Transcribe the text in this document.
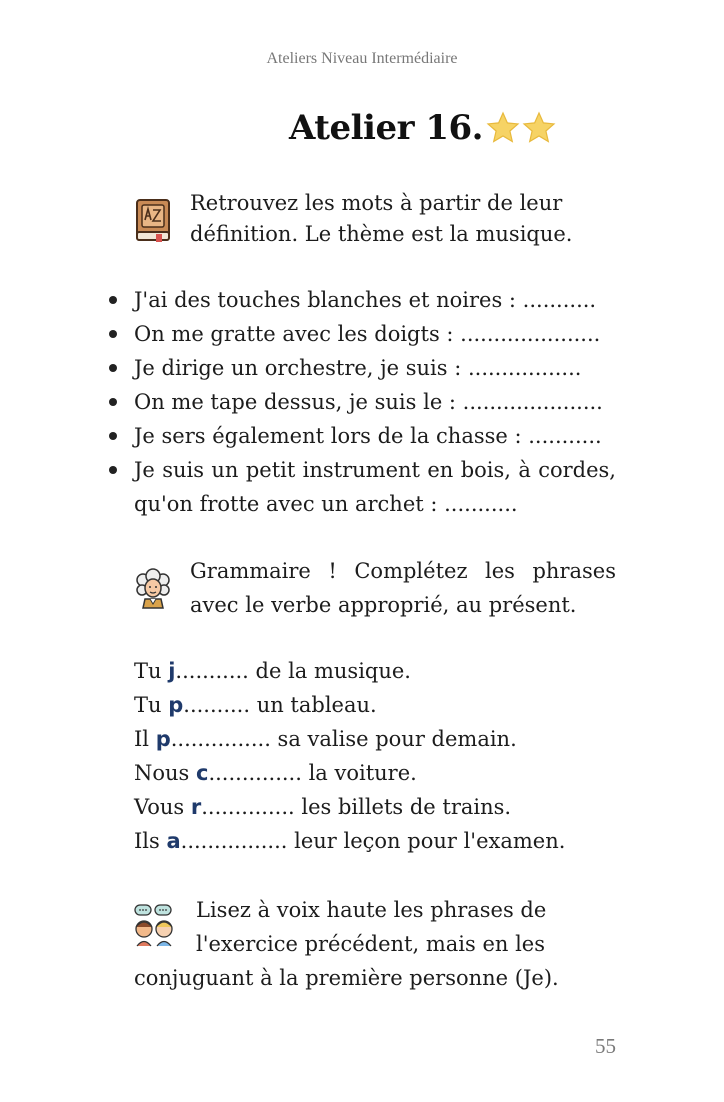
Ateliers Niveau Intermédiaire
Atelier 16.
Retrouvez les mots à partir de leur définition. Le thème est la musique.
J'ai des touches blanches et noires : ...........
On me gratte avec les doigts : .....................
Je dirige un orchestre, je suis : .................
On me tape dessus, je suis le : .....................
Je sers également lors de la chasse : ...........
Je suis un petit instrument en bois, à cordes, qu'on frotte avec un archet : ...........
Grammaire ! Complétez les phrases avec le verbe approprié, au présent.
Tu j........... de la musique.
Tu p.......... un tableau.
Il p............... sa valise pour demain.
Nous c.............. la voiture.
Vous r.............. les billets de trains.
Ils a................ leur leçon pour l'examen.
Lisez à voix haute les phrases de
l'exercice précédent, mais en les conjuguant à la première personne (Je).
55
